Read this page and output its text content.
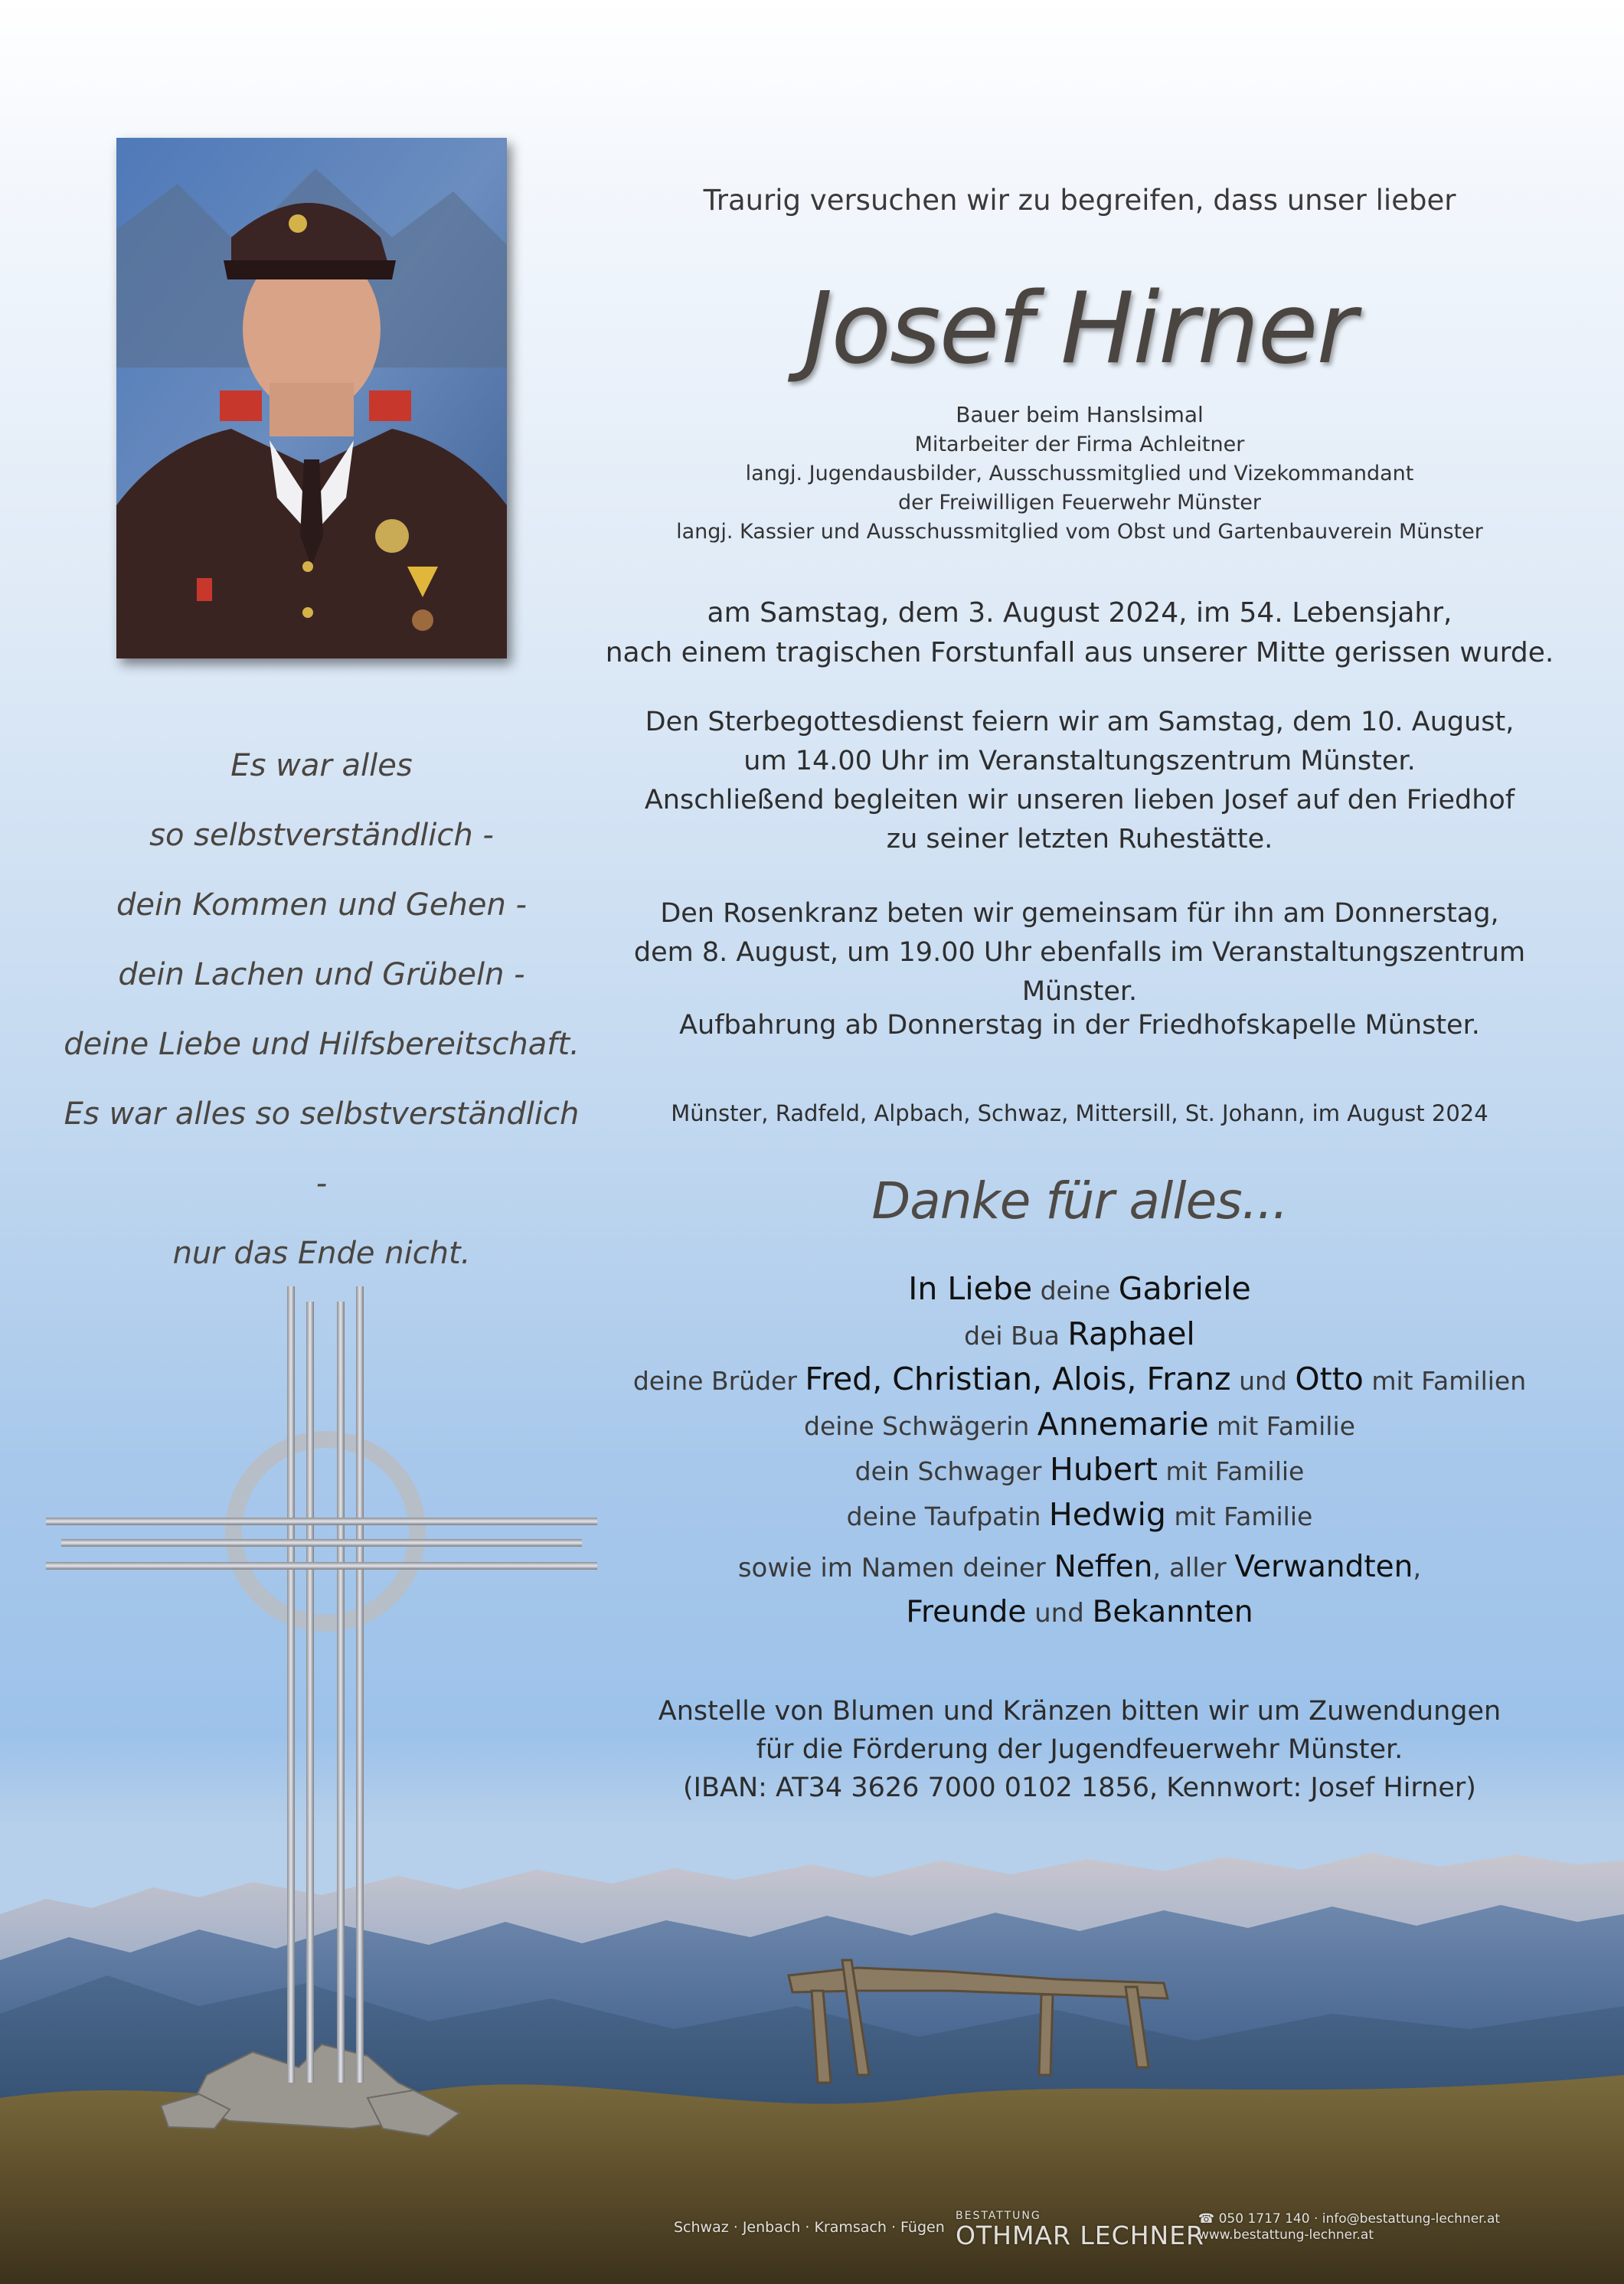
Es war alles
so selbstverständlich -
dein Kommen und Gehen -
dein Lachen und Grübeln -
deine Liebe und Hilfsbereitschaft.
Es war alles so selbstverständlich -
nur das Ende nicht.
Traurig versuchen wir zu begreifen, dass unser lieber
Josef Hirner
Bauer beim Hanslsimal
Mitarbeiter der Firma Achleitner
langj. Jugendausbilder, Ausschussmitglied und Vizekommandant
der Freiwilligen Feuerwehr Münster
langj. Kassier und Ausschussmitglied vom Obst und Gartenbauverein Münster
am Samstag, dem 3. August 2024, im 54. Lebensjahr,
nach einem tragischen Forstunfall aus unserer Mitte gerissen wurde.
Den Sterbegottesdienst feiern wir am Samstag, dem 10. August,
um 14.00 Uhr im Veranstaltungszentrum Münster.
Anschließend begleiten wir unseren lieben Josef auf den Friedhof
zu seiner letzten Ruhestätte.
Den Rosenkranz beten wir gemeinsam für ihn am Donnerstag,
dem 8. August, um 19.00 Uhr ebenfalls im Veranstaltungszentrum Münster.
Aufbahrung ab Donnerstag in der Friedhofskapelle Münster.
Münster, Radfeld, Alpbach, Schwaz, Mittersill, St. Johann, im August 2024
Danke für alles...
In Liebe deine Gabriele
dei Bua Raphael
deine Brüder Fred, Christian, Alois, Franz und Otto mit Familien
deine Schwägerin Annemarie mit Familie
dein Schwager Hubert mit Familie
deine Taufpatin Hedwig mit Familie
sowie im Namen deiner Neffen, aller Verwandten,
Freunde und Bekannten
Anstelle von Blumen und Kränzen bitten wir um Zuwendungen
für die Förderung der Jugendfeuerwehr Münster.
(IBAN: AT34 3626 7000 0102 1856, Kennwort: Josef Hirner)
Schwaz · Jenbach · Kramsach · Fügen
BESTATTUNG
OTHMAR LECHNER
☎ 050 1717 140 · info@bestattung-lechner.at
www.bestattung-lechner.at
